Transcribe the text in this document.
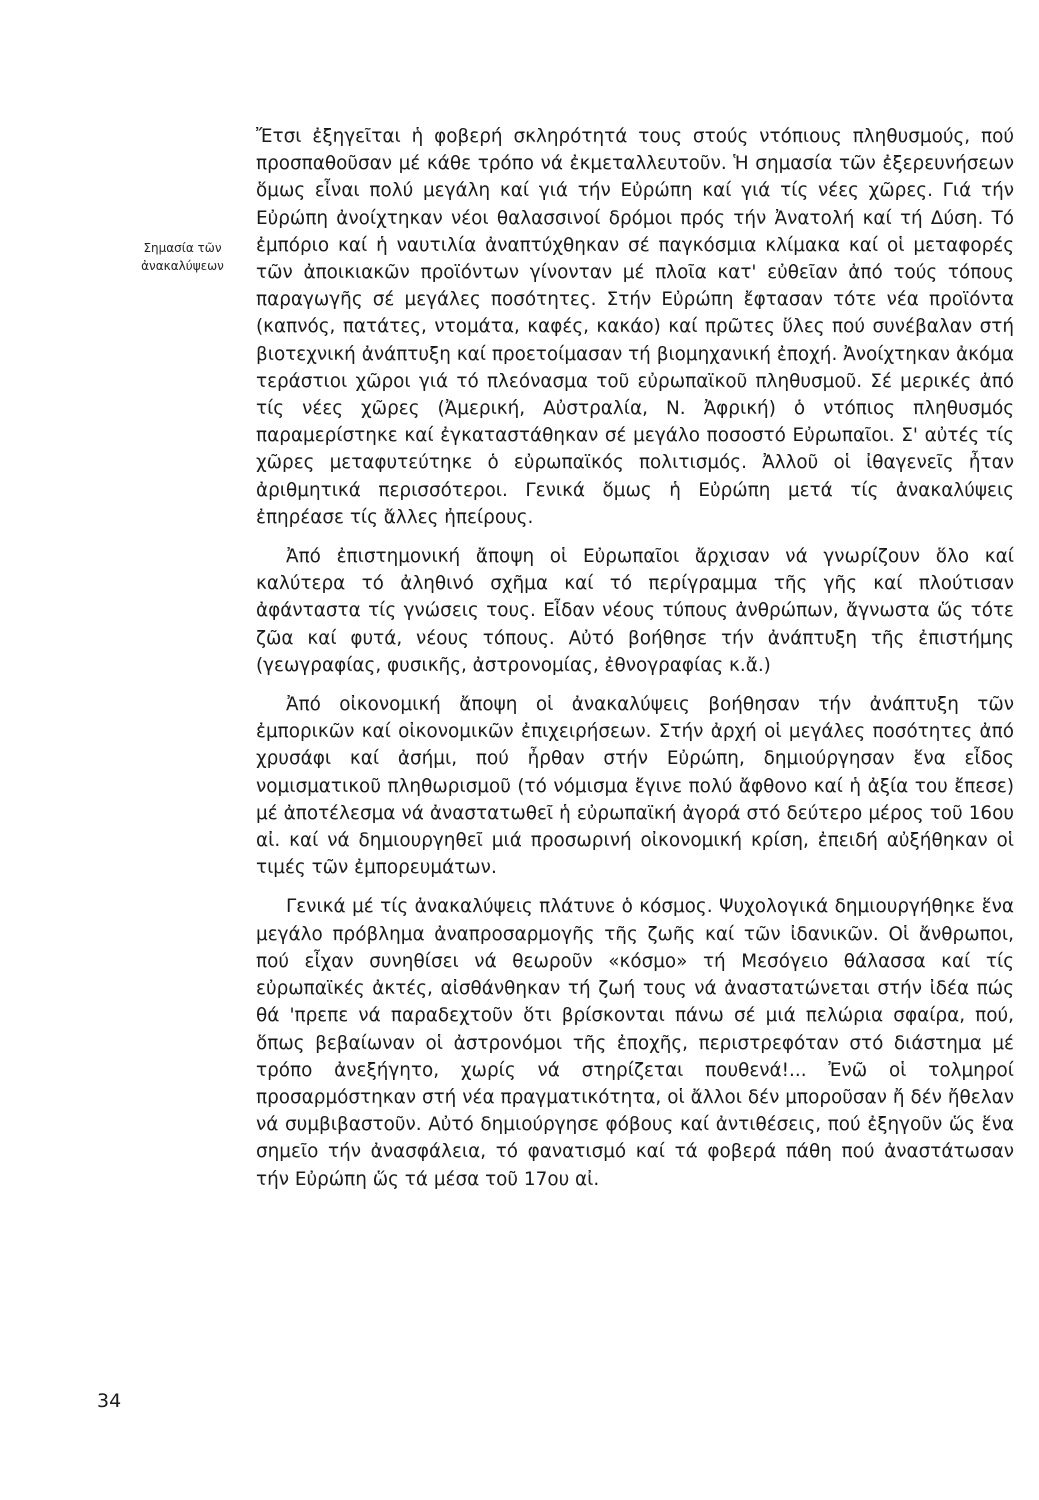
Σημασία τῶν
ἀνακαλύψεων

Ἔτσι ἐξηγεῖται ἡ φοβερή σκληρότητά τους στούς ντόπιους πληθυσμούς, πού προσπαθοῦσαν μέ κάθε τρόπο νά ἐκμεταλλευτοῦν. Ἡ σημασία τῶν ἐξερευνήσεων ὅμως εἶναι πολύ μεγάλη καί γιά τήν Εὐρώπη καί γιά τίς νέες χῶρες. Γιά τήν Εὐρώπη ἀνοίχτηκαν νέοι θαλασσινοί δρόμοι πρός τήν Ἀνατολή καί τή Δύση. Τό ἐμπόριο καί ἡ ναυτιλία ἀναπτύχθηκαν σέ παγκόσμια κλίμακα καί οἱ μεταφορές τῶν ἀποικιακῶν προϊόντων γίνονταν μέ πλοῖα κατ' εὐθεῖαν ἀπό τούς τόπους παραγωγῆς σέ μεγάλες ποσότητες. Στήν Εὐρώπη ἔφτασαν τότε νέα προϊόντα (καπνός, πατάτες, ντομάτα, καφές, κακάο) καί πρῶτες ὕλες πού συνέβαλαν στή βιοτεχνική ἀνάπτυξη καί προετοίμασαν τή βιομηχανική ἐποχή. Ἀνοίχτηκαν ἀκόμα τεράστιοι χῶροι γιά τό πλεόνασμα τοῦ εὐρωπαϊκοῦ πληθυσμοῦ. Σέ μερικές ἀπό τίς νέες χῶρες (Ἀμερική, Αὐστραλία, Ν. Ἀφρική) ὁ ντόπιος πληθυσμός παραμερίστηκε καί ἐγκαταστάθηκαν σέ μεγάλο ποσοστό Εὐρωπαῖοι. Σ' αὐτές τίς χῶρες μεταφυτεύτηκε ὁ εὐρωπαϊκός πολιτισμός. Ἀλλοῦ οἱ ἰθαγενεῖς ἦταν ἀριθμητικά περισσότεροι. Γενικά ὅμως ἡ Εὐρώπη μετά τίς ἀνακαλύψεις ἐπηρέασε τίς ἄλλες ἠπείρους.

Ἀπό ἐπιστημονική ἄποψη οἱ Εὐρωπαῖοι ἄρχισαν νά γνωρίζουν ὅλο καί καλύτερα τό ἀληθινό σχῆμα καί τό περίγραμμα τῆς γῆς καί πλούτισαν ἀφάνταστα τίς γνώσεις τους. Εἶδαν νέους τύπους ἀνθρώπων, ἄγνωστα ὥς τότε ζῶα καί φυτά, νέους τόπους. Αὐτό βοήθησε τήν ἀνάπτυξη τῆς ἐπιστήμης (γεωγραφίας, φυσικῆς, ἀστρονομίας, ἐθνογραφίας κ.ἄ.)

Ἀπό οἰκονομική ἄποψη οἱ ἀνακαλύψεις βοήθησαν τήν ἀνάπτυξη τῶν ἐμπορικῶν καί οἰκονομικῶν ἐπιχειρήσεων. Στήν ἀρχή οἱ μεγάλες ποσότητες ἀπό χρυσάφι καί ἀσήμι, πού ἦρθαν στήν Εὐρώπη, δημιούργησαν ἕνα εἶδος νομισματικοῦ πληθωρισμοῦ (τό νόμισμα ἔγινε πολύ ἄφθονο καί ἡ ἀξία του ἔπεσε) μέ ἀποτέλεσμα νά ἀναστατωθεῖ ἡ εὐρωπαϊκή ἀγορά στό δεύτερο μέρος τοῦ 16ου αἰ. καί νά δημιουργηθεῖ μιά προσωρινή οἰκονομική κρίση, ἐπειδή αὐξήθηκαν οἱ τιμές τῶν ἐμπορευμάτων.

Γενικά μέ τίς ἀνακαλύψεις πλάτυνε ὁ κόσμος. Ψυχολογικά δημιουργήθηκε ἕνα μεγάλο πρόβλημα ἀναπροσαρμογῆς τῆς ζωῆς καί τῶν ἰδανικῶν. Οἱ ἄνθρωποι, πού εἶχαν συνηθίσει νά θεωροῦν «κόσμο» τή Μεσόγειο θάλασσα καί τίς εὐρωπαϊκές ἀκτές, αἰσθάνθηκαν τή ζωή τους νά ἀναστατώνεται στήν ἰδέα πώς θά 'πρεπε νά παραδεχτοῦν ὅτι βρίσκονται πάνω σέ μιά πελώρια σφαίρα, πού, ὅπως βεβαίωναν οἱ ἀστρονόμοι τῆς ἐποχῆς, περιστρεφόταν στό διάστημα μέ τρόπο ἀνεξήγητο, χωρίς νά στηρίζεται πουθενά!... Ἐνῶ οἱ τολμηροί προσαρμόστηκαν στή νέα πραγματικότητα, οἱ ἄλλοι δέν μποροῦσαν ἤ δέν ἤθελαν νά συμβιβαστοῦν. Αὐτό δημιούργησε φόβους καί ἀντιθέσεις, πού ἐξηγοῦν ὥς ἕνα σημεῖο τήν ἀνασφάλεια, τό φανατισμό καί τά φοβερά πάθη πού ἀναστάτωσαν τήν Εὐρώπη ὥς τά μέσα τοῦ 17ου αἰ.

34
